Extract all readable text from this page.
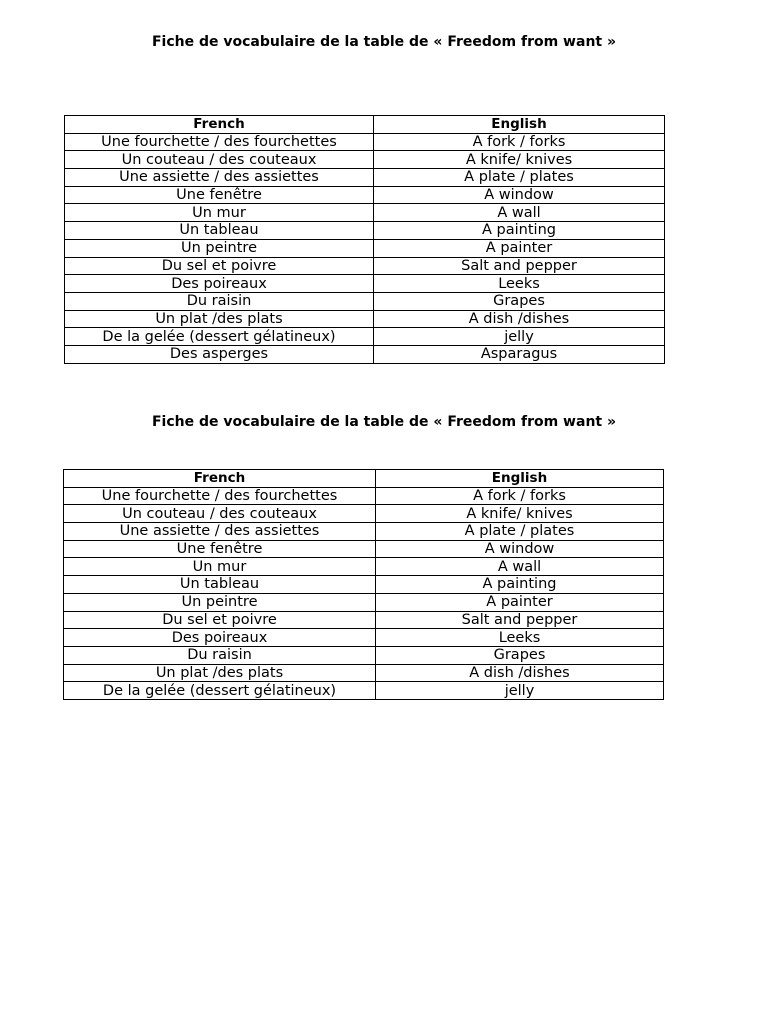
Fiche de vocabulaire de la table de « Freedom from want »
French	English
Une fourchette / des fourchettes	A fork / forks
Un couteau / des couteaux	A knife/ knives
Une assiette / des assiettes	A plate / plates
Une fenêtre	A window
Un mur	A wall
Un tableau	A painting
Un peintre	A painter
Du sel et poivre	Salt and pepper
Des poireaux	Leeks
Du raisin	Grapes
Un plat /des plats	A dish /dishes
De la gelée (dessert gélatineux)	jelly
Des asperges	Asparagus
Fiche de vocabulaire de la table de « Freedom from want »
French	English
Une fourchette / des fourchettes	A fork / forks
Un couteau / des couteaux	A knife/ knives
Une assiette / des assiettes	A plate / plates
Une fenêtre	A window
Un mur	A wall
Un tableau	A painting
Un peintre	A painter
Du sel et poivre	Salt and pepper
Des poireaux	Leeks
Du raisin	Grapes
Un plat /des plats	A dish /dishes
De la gelée (dessert gélatineux)	jelly
